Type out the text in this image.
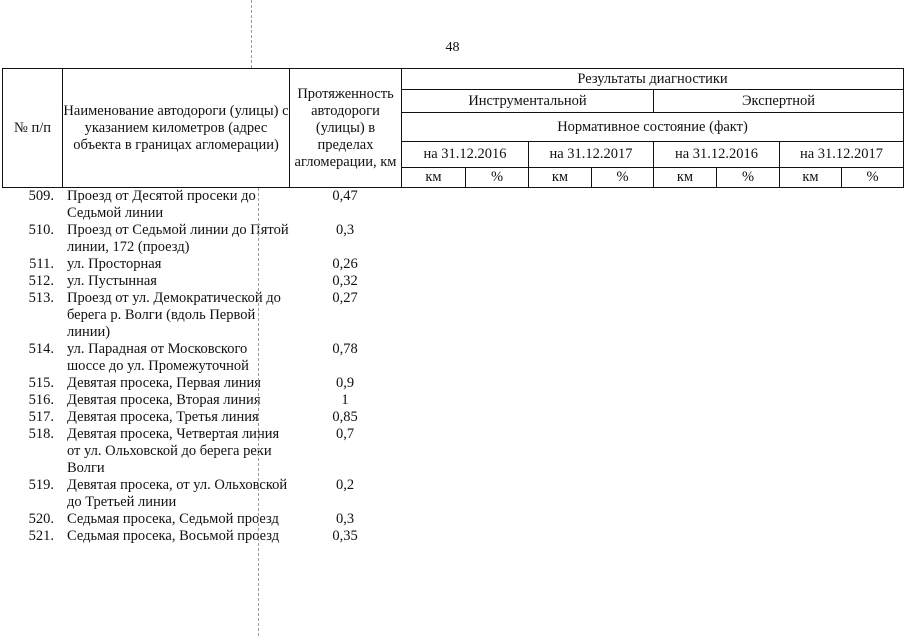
48
№ п/п	Наименование автодороги (улицы) с указанием километров (адрес объекта в границах агломерации)	Протяженность автодороги (улицы) в пределах агломерации, км	Результаты диагностики							
			Инструментальной				Экспертной			
			Нормативное состояние (факт)							
			на 31.12.2016		на 31.12.2017		на 31.12.2016		на 31.12.2017	
			км	%	км	%	км	%	км	%
509.	Проезд от Десятой просеки до Седьмой линии	0,47
510.	Проезд от Седьмой линии до Пятой линии, 172 (проезд)	0,3
511.	ул. Просторная	0,26
512.	ул. Пустынная	0,32
513.	Проезд от ул. Демократической до берега р. Волги (вдоль Первой линии)	0,27
514.	ул. Парадная от Московского шоссе до ул. Промежуточной	0,78
515.	Девятая просека, Первая линия	0,9
516.	Девятая просека, Вторая линия	1
517.	Девятая просека, Третья линия	0,85
518.	Девятая просека, Четвертая линия от ул. Ольховской до берега реки Волги	0,7
519.	Девятая просека, от ул. Ольховской до Третьей линии	0,2
520.	Седьмая просека, Седьмой проезд	0,3
521.	Седьмая просека, Восьмой проезд	0,35
